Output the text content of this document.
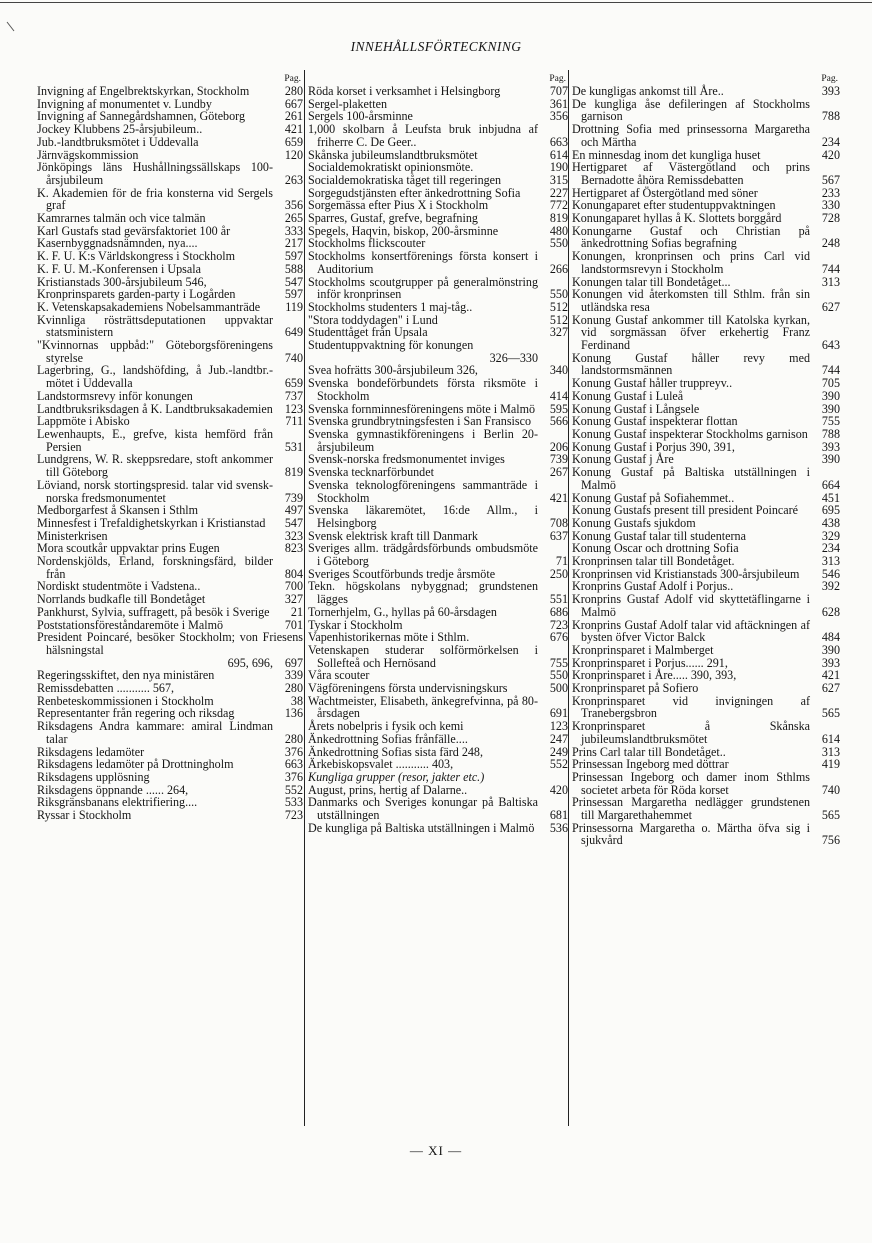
INNEHÅLLSFÖRTECKNING
Pag.
Invigning af Engelbrektskyrkan, Stockholm	280
Invigning af monumentet v. Lundby	667
Invigning af Sannegårdshamnen, Göteborg	261
Jockey Klubbens 25-årsjubileum..	421
Jub.-landtbruksmötet i Uddevalla	659
Järnvägskommission	120
Jönköpings läns Hushållningssällskaps 100-årsjubileum	263
K. Akademien för de fria konsterna vid Sergels graf	356
Kamrarnes talmän och vice talmän	265
Karl Gustafs stad gevärsfaktoriet 100 år	333
Kasernbyggnadsnämnden, nya....	217
K. F. U. K:s Världskongress i Stockholm	597
K. F. U. M.-Konferensen i Upsala	588
Kristianstads 300-årsjubileum 546,	547
Kronprinsparets garden-party i Logården	597
K. Vetenskapsakademiens Nobelsammanträde	119
Kvinnliga rösträttsdeputationen uppvaktar statsministern	649
"Kvinnornas uppbåd:" Göteborgsföreningens styrelse	740
Lagerbring, G., landshöfding, å Jub.-landtbr.-mötet i Uddevalla	659
Landstormsrevy inför konungen	737
Landtbruksriksdagen å K. Landtbruksakademien 123
Lappmöte i Abisko	711
Lewenhaupts, E., grefve, kista hemförd från Persien	531
Lundgrens, W. R. skeppsredare, stoft ankommer till Göteborg	819
Löviand, norsk stortingspresid. talar vid svensk-norska fredsmonumentet	739
Medborgarfest å Skansen i Sthlm	497
Minnesfest i Trefaldighetskyrkan i Kristianstad	547
Ministerkrisen	323
Mora scoutkår uppvaktar prins Eugen	823
Nordenskjölds, Erland, forskningsfärd, bilder från	804
Nordiskt studentmöte i Vadstena..	700
Norrlands budkafle till Bondetåget	327
Pankhurst, Sylvia, suffragett, på besök i Sverige	21
Poststationsföreståndaremöte i Malmö	701
President Poincaré, besöker Stockholm; von Friesens hälsningstal
695, 696, 697
Regeringsskiftet, den nya ministären	339
Remissdebatten ........... 567,	280
Renbeteskommissionen i Stockholm	38
Representanter från regering och riksdag	136
Riksdagens Andra kammare: amiral Lindman talar	280
Riksdagens ledamöter	376
Riksdagens ledamöter på Drottningholm	663
Riksdagens upplösning	376
Riksdagens öppnande ...... 264,	552
Riksgränsbanans elektrifiering....	533
Ryssar i Stockholm	723
Pag.
Röda korset i verksamhet i Helsingborg	707
Sergel-plaketten	361
Sergels 100-årsminne	356
1,000 skolbarn å Leufsta bruk inbjudna af friherre C. De Geer..	663
Skånska jubileumslandtbruksmötet	614
Socialdemokratiskt opinionsmöte.	190
Socialdemokratiska tåget till regeringen	315
Sorgegudstjänsten efter änkedrottning Sofia	227
Sorgemässa efter Pius X i Stockholm	772
Sparres, Gustaf, grefve, begrafning	819
Spegels, Haqvin, biskop, 200-årsminne	480
Stockholms flickscouter	550
Stockholms konsertförenings första konsert i Auditorium	266
Stockholms scoutgrupper på generalmönstring inför kronprinsen	550
Stockholms studenters 1 maj-tåg..	512
"Stora toddydagen" i Lund	512
Studenttåget från Upsala	327
Studentuppvaktning för konungen
326—330
Svea hofrätts 300-årsjubileum 326,	340
Svenska bondeförbundets första riksmöte i Stockholm	414
Svenska fornminnesföreningens möte i Malmö	595
Svenska grundbrytningsfesten i San Fransisco	566
Svenska gymnastikföreningens i Berlin 20-årsjubileum	206
Svensk-norska fredsmonumentet inviges	739
Svenska tecknarförbundet	267
Svenska teknologföreningens sammanträde i Stockholm	421
Svenska läkaremötet, 16:de Allm., i Helsingborg	708
Svensk elektrisk kraft till Danmark	637
Sveriges allm. trädgårdsförbunds ombudsmöte i Göteborg	71
Sveriges Scoutförbunds tredje årsmöte	250
Tekn. högskolans nybyggnad; grundstenen lägges	551
Tornerhjelm, G., hyllas på 60-årsdagen	686
Tyskar i Stockholm	723
Vapenhistorikernas möte i Sthlm.	676
Vetenskapen studerar solförmörkelsen i Sollefteå och Hernösand	755
Våra scouter	550
Vägföreningens första undervisningskurs	500
Wachtmeister, Elisabeth, änkegrefvinna, på 80-årsdagen	691
Årets nobelpris i fysik och kemi	123
Änkedrottning Sofias frånfälle....	247
Änkedrottning Sofias sista färd 248,	249
Ärkebiskopsvalet ........... 403,	552
Kungliga grupper (resor, jakter etc.)
August, prins, hertig af Dalarne..	420
Danmarks och Sveriges konungar på Baltiska utställningen	681
De kungliga på Baltiska utställningen i Malmö	536
Pag.
De kungligas ankomst till Åre..	393
De kungliga åse defileringen af Stockholms garnison	788
Drottning Sofia med prinsessorna Margaretha och Märtha	234
En minnesdag inom det kungliga huset	420
Hertigparet af Västergötland och prins Bernadotte åhöra Remissdebatten	567
Hertigparet af Östergötland med söner	233
Konungaparet efter studentuppvaktningen	330
Konungaparet hyllas å K. Slottets borggård	728
Konungarne Gustaf och Christian på änkedrottning Sofias begrafning	248
Konungen, kronprinsen och prins Carl vid landstormsrevyn i Stockholm	744
Konungen talar till Bondetåget...	313
Konungen vid återkomsten till Sthlm. från sin utländska resa	627
Konung Gustaf ankommer till Katolska kyrkan, vid sorgmässan öfver erkehertig Franz Ferdinand	643
Konung Gustaf håller revy med landstormsmännen	744
Konung Gustaf håller truppreyv..	705
Konung Gustaf i Luleå	390
Konung Gustaf i Långsele	390
Konung Gustaf inspekterar flottan	755
Konung Gustaf inspekterar Stockholms garnison	788
Konung Gustaf i Porjus 390, 391,	393
Konung Gustaf j Åre	390
Konung Gustaf på Baltiska utställningen i Malmö	664
Konung Gustaf på Sofiahemmet..	451
Konung Gustafs present till president Poincaré	695
Konung Gustafs sjukdom	438
Konung Gustaf talar till studenterna	329
Konung Oscar och drottning Sofia	234
Kronprinsen talar till Bondetåget.	313
Kronprinsen vid Kristianstads 300-årsjubileum	546
Kronprins Gustaf Adolf i Porjus..	392
Kronprins Gustaf Adolf vid skyttetäflingarne i Malmö	628
Kronprins Gustaf Adolf talar vid aftäckningen af bysten öfver Victor Balck	484
Kronprinsparet i Malmberget	390
Kronprinsparet i Porjus...... 291,	393
Kronprinsparet i Åre..... 390, 393,	421
Kronprinsparet på Sofiero	627
Kronprinsparet vid invigningen af Tranebergsbron	565
Kronprinsparet å Skånska jubileumslandtbruksmötet	614
Prins Carl talar till Bondetåget..	313
Prinsessan Ingeborg med döttrar	419
Prinsessan Ingeborg och damer inom Sthlms societet arbeta för Röda korset	740
Prinsessan Margaretha nedlägger grundstenen till Margarethahemmet	565
Prinsessorna Margaretha o. Märtha öfva sig i sjukvård	756
— XI —
